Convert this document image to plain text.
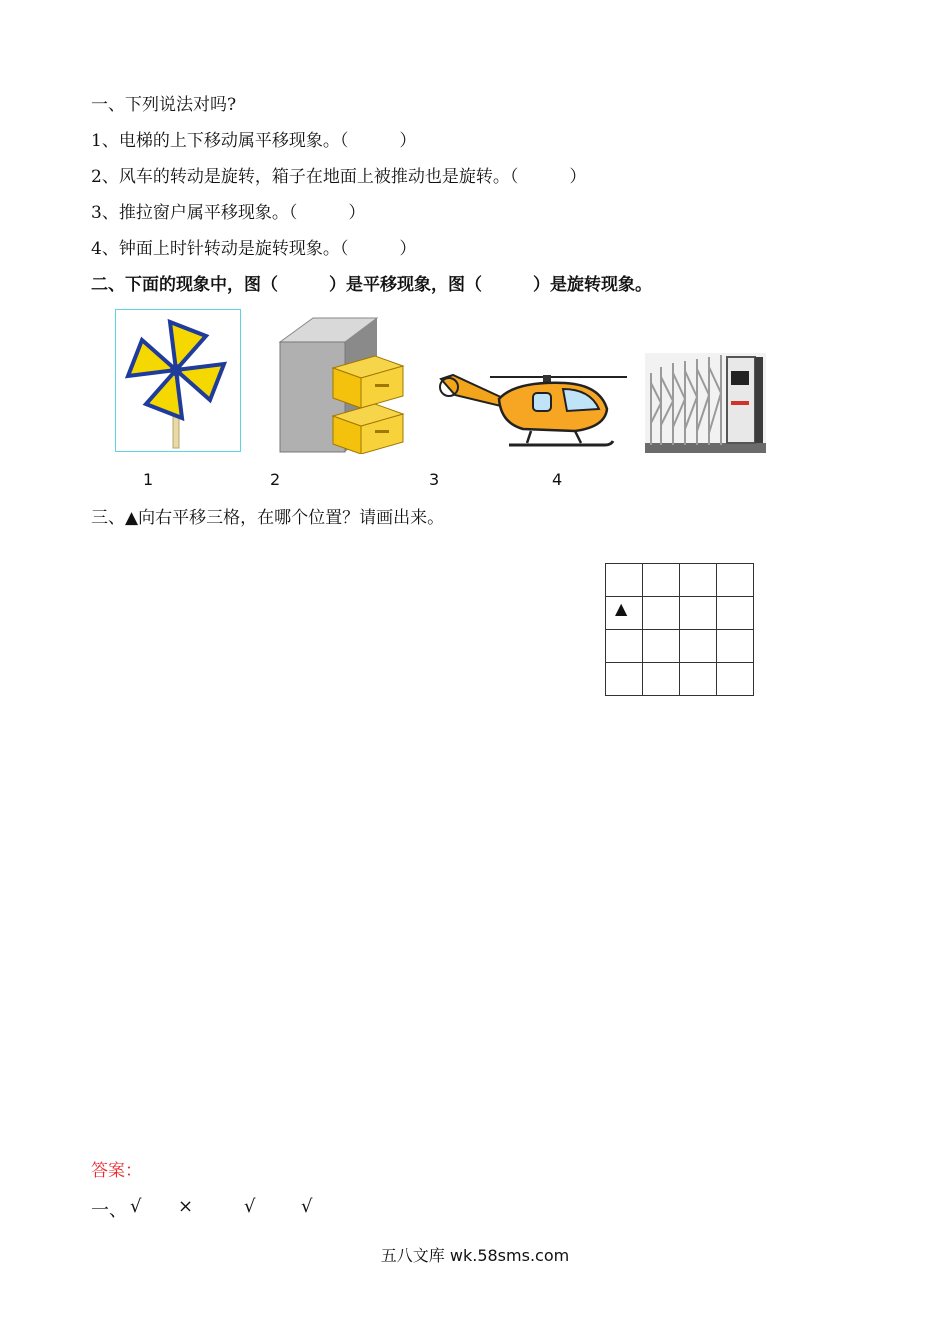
一、下列说法对吗?
1、电梯的上下移动属平移现象。（　　　）
2、风车的转动是旋转，箱子在地面上被推动也是旋转。（　　　）
3、推拉窗户属平移现象。（　　　）
4、钟面上时针转动是旋转现象。（　　　）
二、下面的现象中，图（　　　）是平移现象，图（　　　）是旋转现象。
1	2	3	4
三、▲向右平移三格，在哪个位置？请画出来。

▲			

答案：
一、 √ ×	√	√
五八文库 wk.58sms.com
